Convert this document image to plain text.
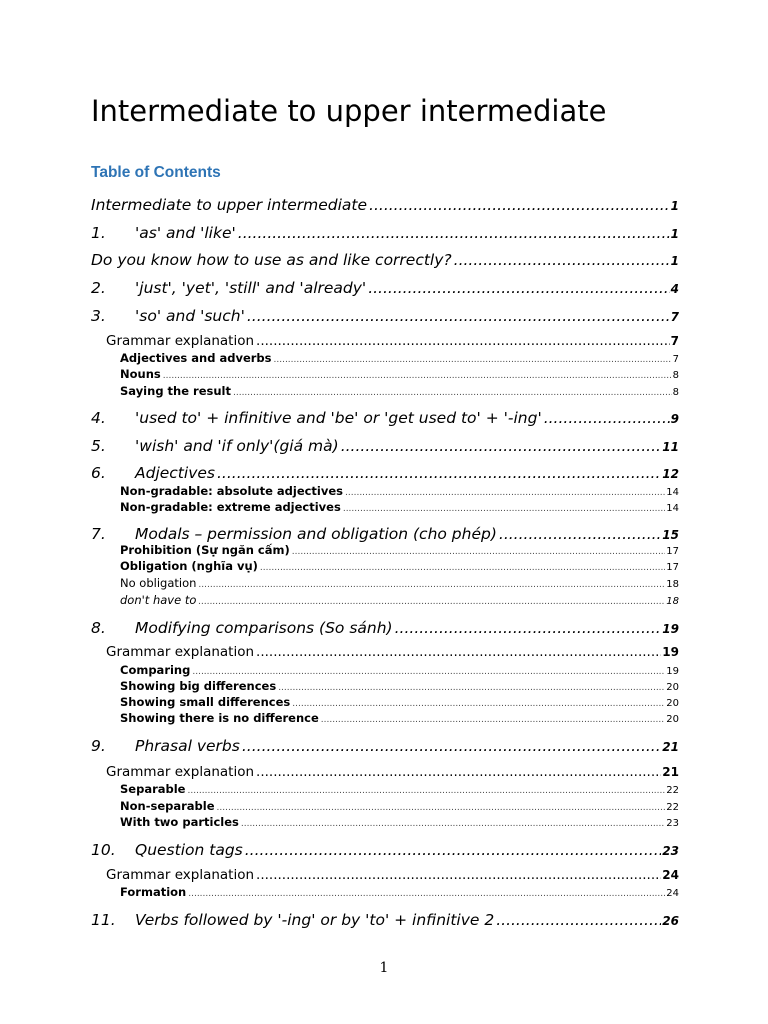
Intermediate to upper intermediate
Table of Contents
Intermediate to upper intermediate .....	1
1.	'as' and 'like' .....	1
Do you know how to use as and like correctly? .....	1
2.	'just', 'yet', 'still' and 'already' .....	4
3.	'so' and 'such' .....	7
Grammar explanation .....	7
Adjectives and adverbs .....	7
Nouns .....	8
Saying the result .....	8
4.	'used to' + infinitive and 'be' or 'get used to' + '-ing' .....	9
5.	'wish' and 'if only'(giá mà) .....	11
6.	Adjectives .....	12
Non-gradable: absolute adjectives .....	14
Non-gradable: extreme adjectives .....	14
7.	Modals – permission and obligation (cho phép) .....	15
Prohibition (Sự ngăn cấm) .....	17
Obligation (nghĩa vụ) .....	17
No obligation .....	18
don't have to .....	18
8.	Modifying comparisons (So sánh) .....	19
Grammar explanation .....	19
Comparing .....	19
Showing big differences .....	20
Showing small differences .....	20
Showing there is no difference .....	20
9.	Phrasal verbs .....	21
Grammar explanation .....	21
Separable .....	22
Non-separable .....	22
With two particles .....	23
10.	Question tags .....	23
Grammar explanation .....	24
Formation .....	24
11.	Verbs followed by '-ing' or by 'to' + infinitive 2 .....	26
1
